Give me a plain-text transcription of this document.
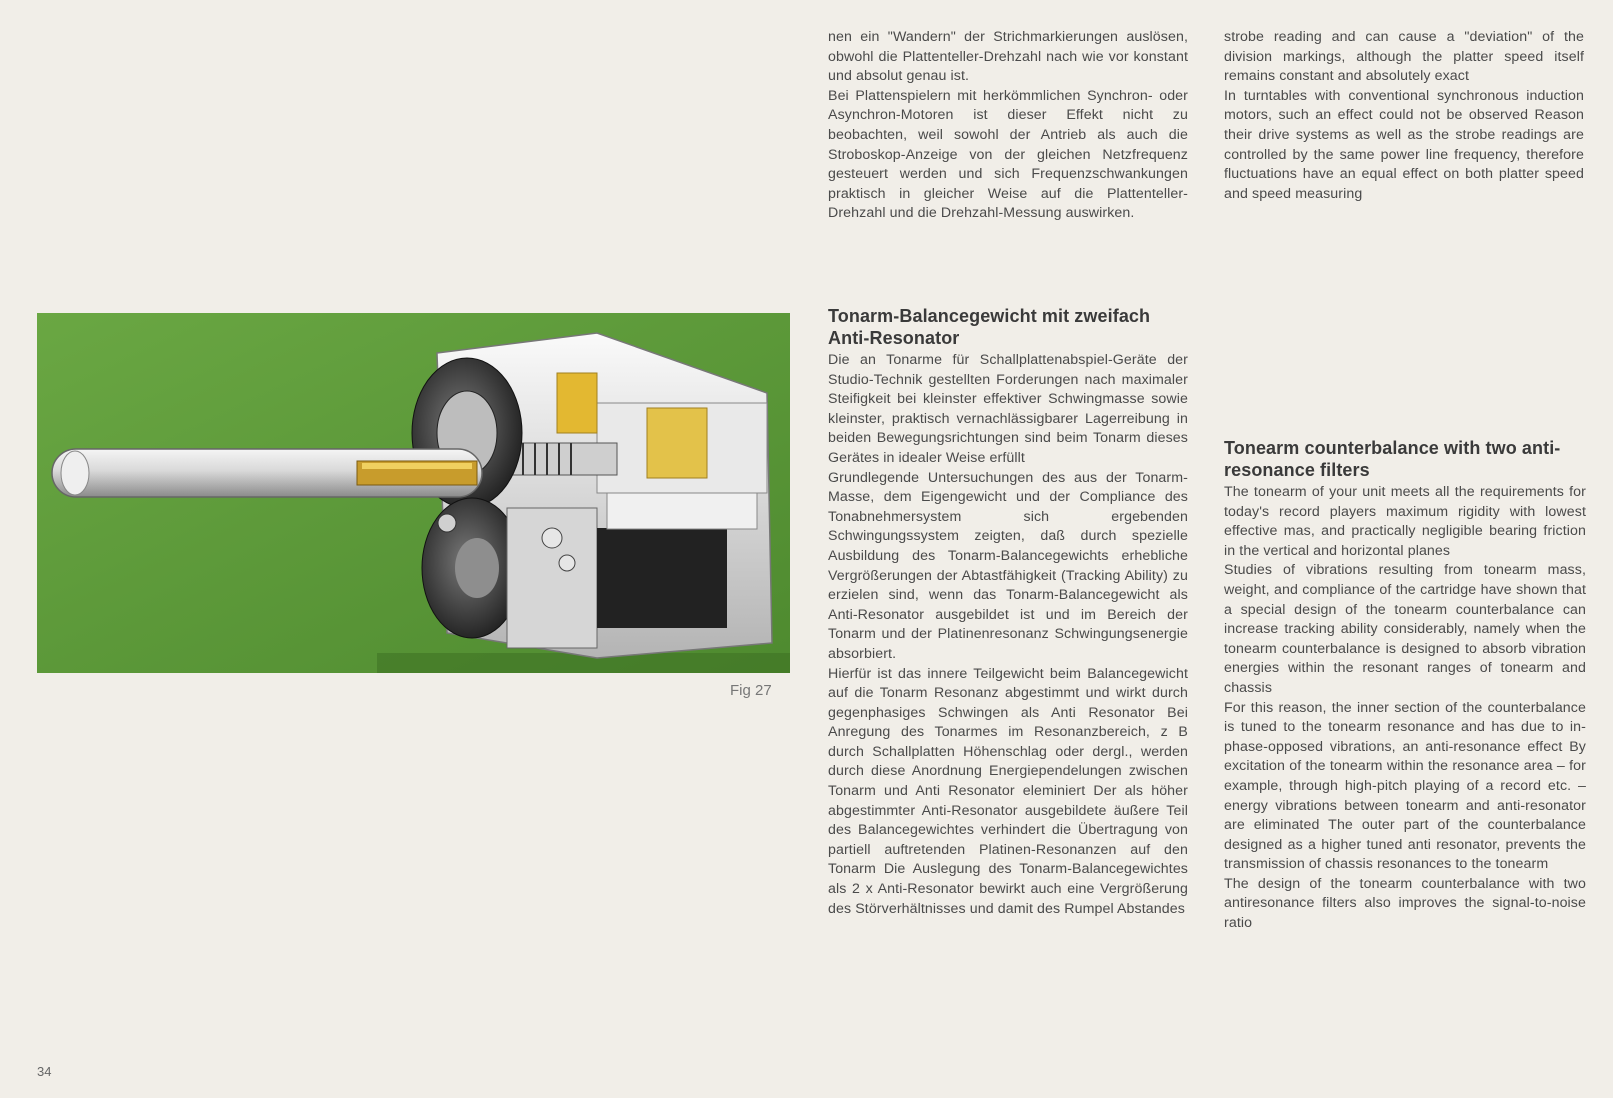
nen ein "Wandern" der Strichmarkierungen auslösen, obwohl die Plattenteller-Drehzahl nach wie vor konstant und absolut genau ist.

Bei Plattenspielern mit herkömmlichen Synchron- oder Asynchron-Motoren ist dieser Effekt nicht zu beobachten, weil sowohl der Antrieb als auch die Stroboskop-Anzeige von der gleichen Netzfrequenz gesteuert werden und sich Frequenzschwankungen praktisch in gleicher Weise auf die Plattenteller-Drehzahl und die Drehzahl-Messung auswirken.

strobe reading and can cause a "deviation" of the division markings, although the platter speed itself remains constant and absolutely exact

In turntables with conventional synchronous induction motors, such an effect could not be observed Reason their drive systems as well as the strobe readings are controlled by the same power line frequency, therefore fluctuations have an equal effect on both platter speed and speed measuring

Fig 27
Tonarm-Balancegewicht mit zweifach Anti-Resonator

Die an Tonarme für Schallplattenabspiel-Geräte der Studio-Technik gestellten Forderungen nach maximaler Steifigkeit bei kleinster effektiver Schwingmasse sowie kleinster, praktisch vernachlässigbarer Lagerreibung in beiden Bewegungsrichtungen sind beim Tonarm dieses Gerätes in idealer Weise erfüllt

Grundlegende Untersuchungen des aus der Tonarm-Masse, dem Eigengewicht und der Compliance des Tonabnehmersystem sich ergebenden Schwingungssystem zeigten, daß durch spezielle Ausbildung des Tonarm-Balancegewichts erhebliche Vergrößerungen der Abtastfähigkeit (Tracking Ability) zu erzielen sind, wenn das Tonarm-Balancegewicht als Anti-Resonator ausgebildet ist und im Bereich der Tonarm und der Platinenresonanz Schwingungsenergie absorbiert.

Hierfür ist das innere Teilgewicht beim Balancegewicht auf die Tonarm Resonanz abgestimmt und wirkt durch gegenphasiges Schwingen als Anti Resonator Bei Anregung des Tonarmes im Resonanzbereich, z B durch Schallplatten Höhenschlag oder dergl., werden durch diese Anordnung Energiependelungen zwischen Tonarm und Anti Resonator eleminiert Der als höher abgestimmter Anti-Resonator ausgebildete äußere Teil des Balancegewichtes verhindert die Übertragung von partiell auftretenden Platinen-Resonanzen auf den Tonarm Die Auslegung des Tonarm-Balancegewichtes als 2 x Anti-Resonator bewirkt auch eine Vergrößerung des Störverhältnisses und damit des Rumpel Abstandes

Tonearm counterbalance with two anti-resonance filters

The tonearm of your unit meets all the requirements for today's record players maximum rigidity with lowest effective mas, and practically negligible bearing friction in the vertical and horizontal planes

Studies of vibrations resulting from tonearm mass, weight, and compliance of the cartridge have shown that a special design of the tonearm counterbalance can increase tracking ability considerably, namely when the tonearm counterbalance is designed to absorb vibration energies within the resonant ranges of tonearm and chassis

For this reason, the inner section of the counterbalance is tuned to the tonearm resonance and has due to in-phase-opposed vibrations, an anti-resonance effect By excitation of the tonearm within the resonance area – for example, through high-pitch playing of a record etc. – energy vibrations between tonearm and anti-resonator are eliminated The outer part of the counterbalance designed as a higher tuned anti resonator, prevents the transmission of chassis resonances to the tonearm

The design of the tonearm counterbalance with two antiresonance filters also improves the signal-to-noise ratio

34
